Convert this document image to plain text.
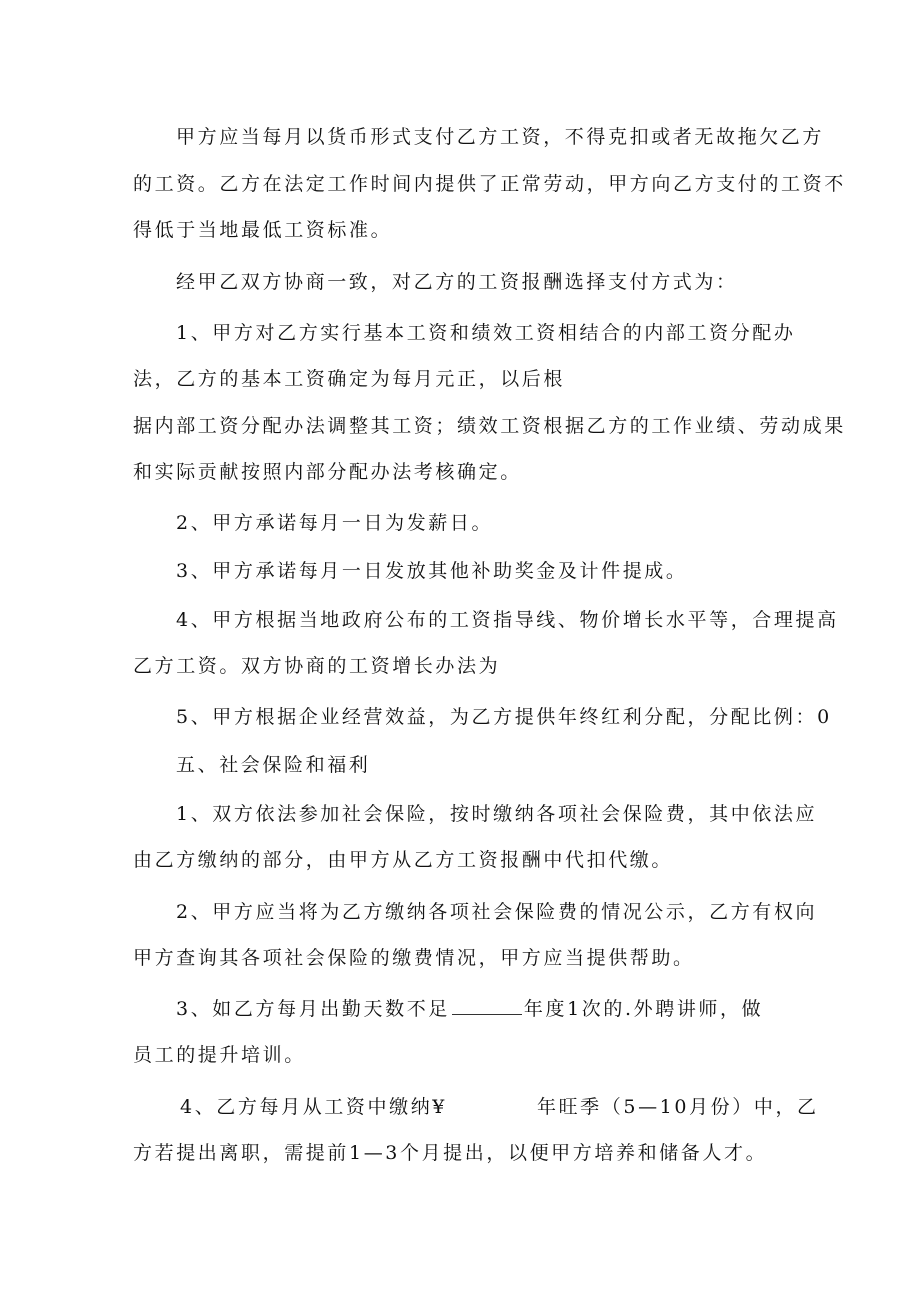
甲方应当每月以货币形式支付乙方工资，不得克扣或者无故拖欠乙方
的工资。乙方在法定工作时间内提供了正常劳动，甲方向乙方支付的工资不
得低于当地最低工资标准。
经甲乙双方协商一致，对乙方的工资报酬选择支付方式为：
1、甲方对乙方实行基本工资和绩效工资相结合的内部工资分配办
法，乙方的基本工资确定为每月元正，以后根
据内部工资分配办法调整其工资；绩效工资根据乙方的工作业绩、劳动成果
和实际贡献按照内部分配办法考核确定。
2、甲方承诺每月一日为发薪日。
3、甲方承诺每月一日发放其他补助奖金及计件提成。
4、甲方根据当地政府公布的工资指导线、物价增长水平等，合理提高
乙方工资。双方协商的工资增长办法为
5、甲方根据企业经营效益，为乙方提供年终红利分配，分配比例：0
五、社会保险和福利
1、双方依法参加社会保险，按时缴纳各项社会保险费，其中依法应
由乙方缴纳的部分，由甲方从乙方工资报酬中代扣代缴。
2、甲方应当将为乙方缴纳各项社会保险费的情况公示，乙方有权向
甲方查询其各项社会保险的缴费情况，甲方应当提供帮助。
3、如乙方每月出勤天数不足	年度1次的.外聘讲师，做
员工的提升培训。
4、乙方每月从工资中缴纳¥	年旺季（5—10月份）中，乙
方若提出离职，需提前1—3个月提出，以便甲方培养和储备人才。
